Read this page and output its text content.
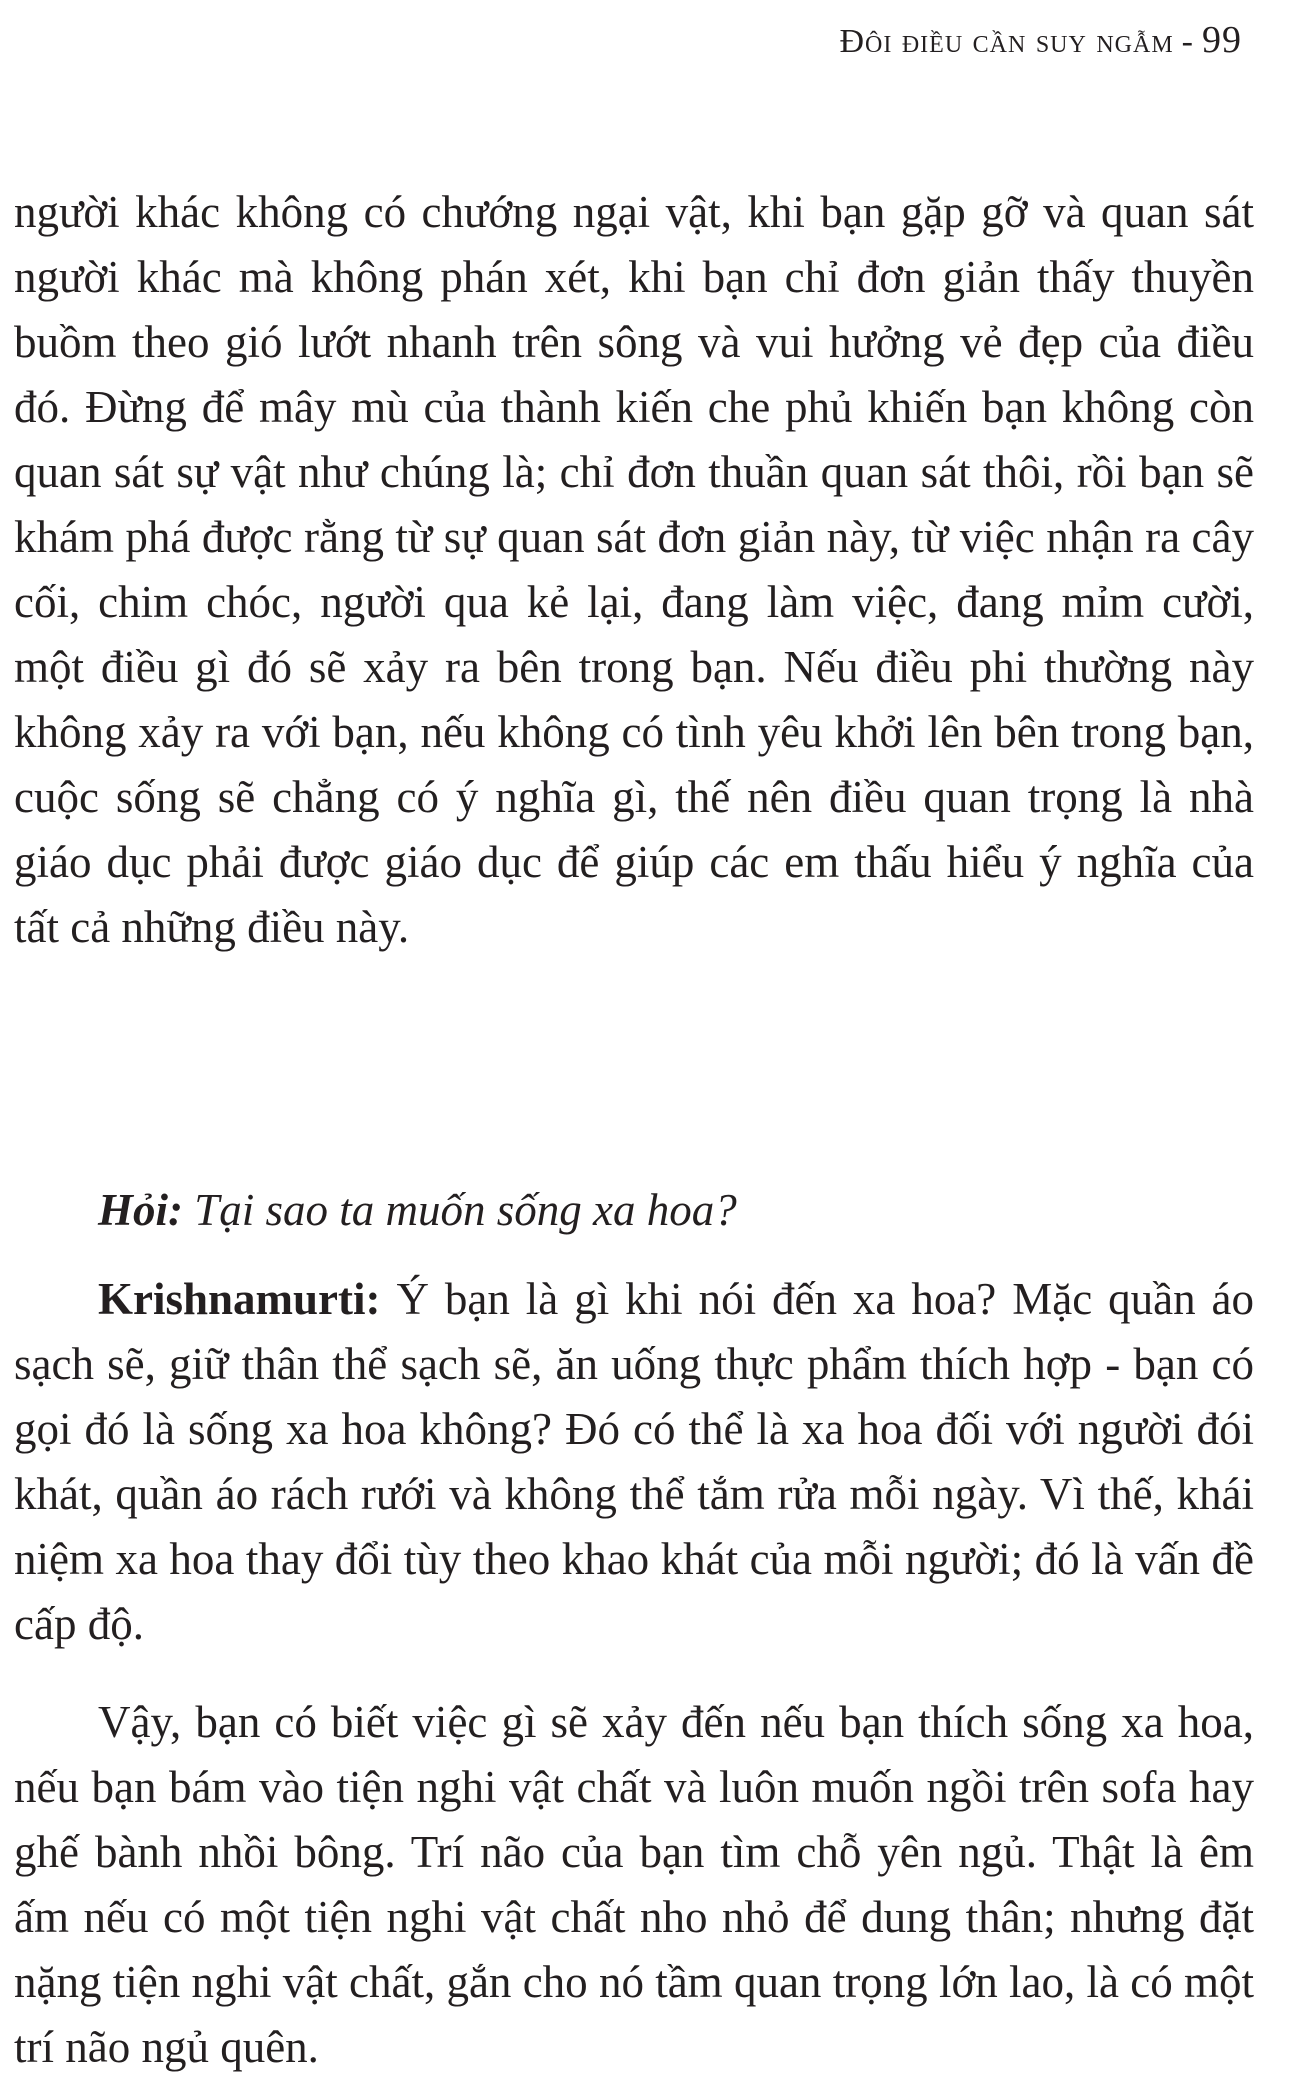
Đôi điều cần suy ngẫm - 99

người khác không có chướng ngại vật, khi bạn gặp gỡ và quan sát người khác mà không phán xét, khi bạn chỉ đơn giản thấy thuyền buồm theo gió lướt nhanh trên sông và vui hưởng vẻ đẹp của điều đó. Đừng để mây mù của thành kiến che phủ khiến bạn không còn quan sát sự vật như chúng là; chỉ đơn thuần quan sát thôi, rồi bạn sẽ khám phá được rằng từ sự quan sát đơn giản này, từ việc nhận ra cây cối, chim chóc, người qua kẻ lại, đang làm việc, đang mỉm cười, một điều gì đó sẽ xảy ra bên trong bạn. Nếu điều phi thường này không xảy ra với bạn, nếu không có tình yêu khởi lên bên trong bạn, cuộc sống sẽ chẳng có ý nghĩa gì, thế nên điều quan trọng là nhà giáo dục phải được giáo dục để giúp các em thấu hiểu ý nghĩa của tất cả những điều này.

Hỏi: Tại sao ta muốn sống xa hoa?

Krishnamurti: Ý bạn là gì khi nói đến xa hoa? Mặc quần áo sạch sẽ, giữ thân thể sạch sẽ, ăn uống thực phẩm thích hợp - bạn có gọi đó là sống xa hoa không? Đó có thể là xa hoa đối với người đói khát, quần áo rách rưới và không thể tắm rửa mỗi ngày. Vì thế, khái niệm xa hoa thay đổi tùy theo khao khát của mỗi người; đó là vấn đề cấp độ.

Vậy, bạn có biết việc gì sẽ xảy đến nếu bạn thích sống xa hoa, nếu bạn bám vào tiện nghi vật chất và luôn muốn ngồi trên sofa hay ghế bành nhồi bông. Trí não của bạn tìm chỗ yên ngủ. Thật là êm ấm nếu có một tiện nghi vật chất nho nhỏ để dung thân; nhưng đặt nặng tiện nghi vật chất, gắn cho nó tầm quan trọng lớn lao, là có một trí não ngủ quên.
